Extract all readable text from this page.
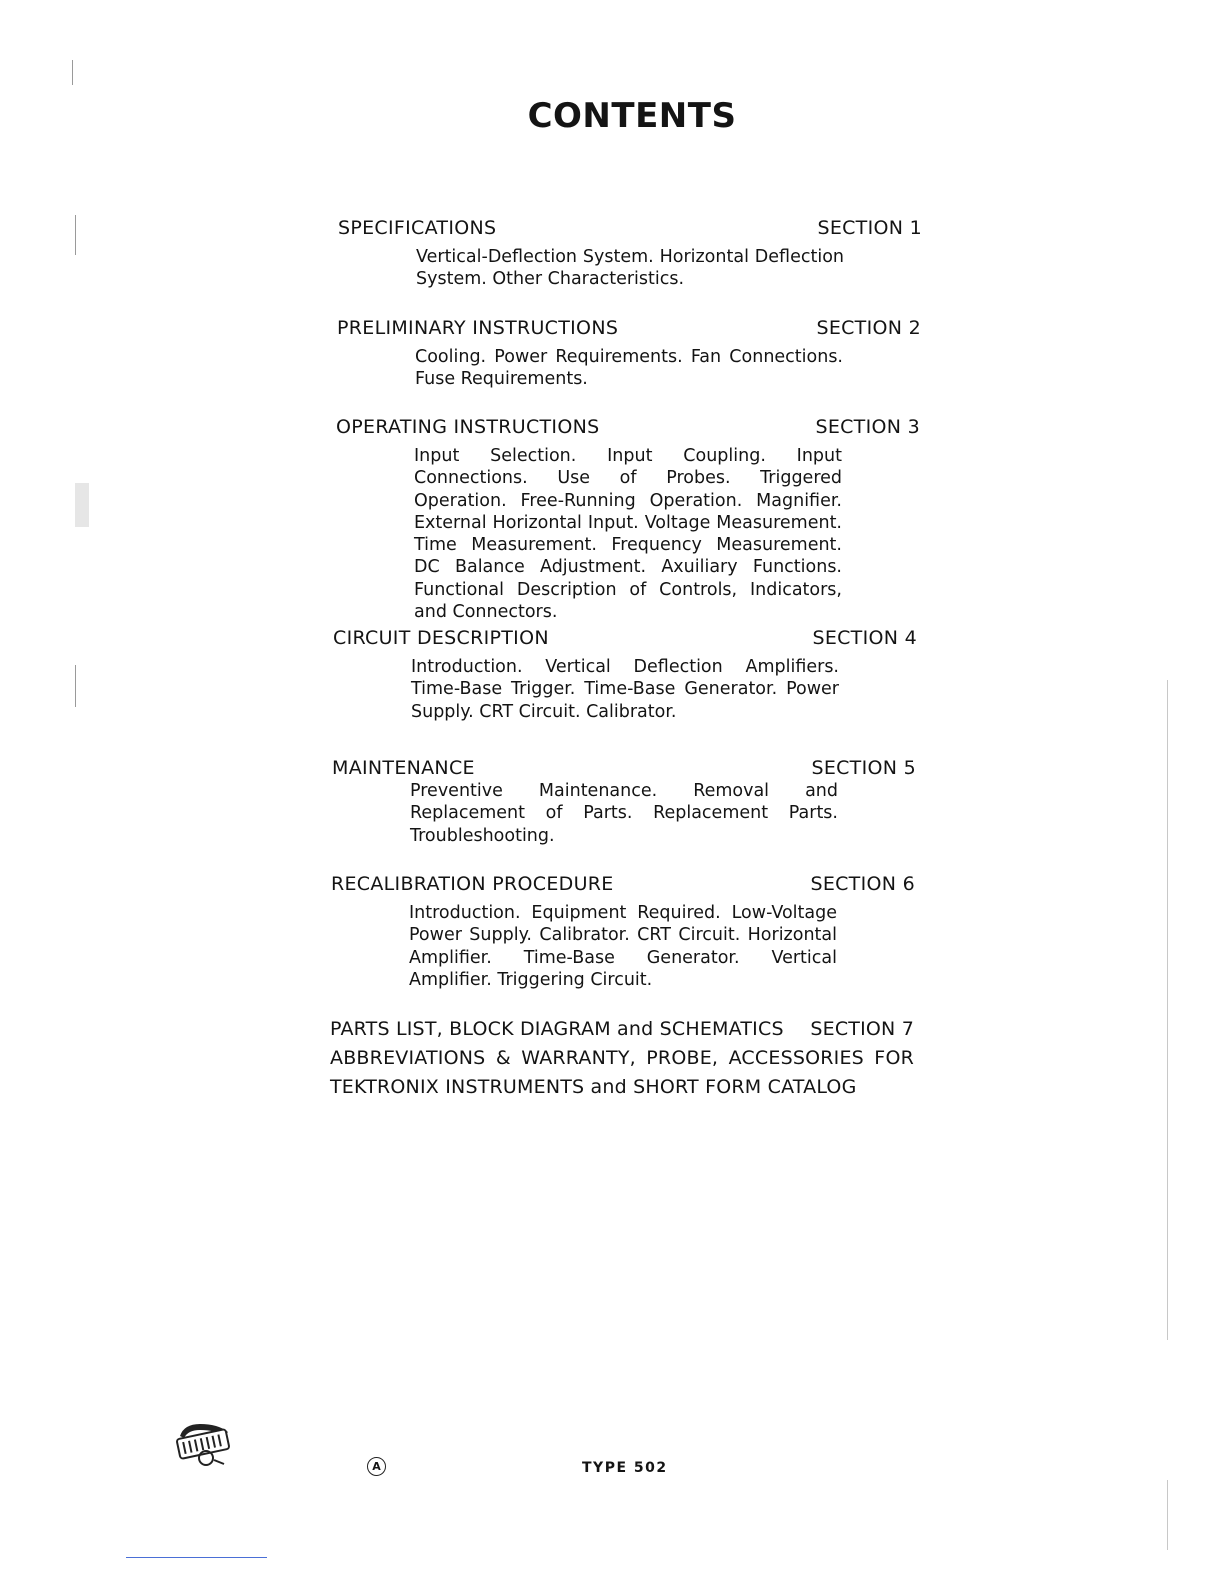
CONTENTS
SPECIFICATIONS	SECTION 1
Vertical-Deflection System. Horizontal Deflection System. Other Characteristics.
PRELIMINARY INSTRUCTIONS	SECTION 2
Cooling. Power Requirements. Fan Connections. Fuse Requirements.
OPERATING INSTRUCTIONS	SECTION 3
Input Selection. Input Coupling. Input Connections. Use of Probes. Triggered Operation. Free-Running Operation. Magnifier. External Horizontal Input. Voltage Measurement. Time Measurement. Frequency Measurement. DC Balance Adjustment. Axuiliary Functions. Functional Description of Controls, Indicators, and Connectors.
CIRCUIT DESCRIPTION	SECTION 4
Introduction. Vertical Deflection Amplifiers. Time-Base Trigger. Time-Base Generator. Power Supply. CRT Circuit. Calibrator.
MAINTENANCE	SECTION 5
Preventive Maintenance. Removal and Replacement of Parts. Replacement Parts. Troubleshooting.
RECALIBRATION PROCEDURE	SECTION 6
Introduction. Equipment Required. Low-Voltage Power Supply. Calibrator. CRT Circuit. Horizontal Amplifier. Time-Base Generator. Vertical Amplifier. Triggering Circuit.
PARTS LIST, BLOCK DIAGRAM and SCHEMATICS SECTION 7
ABBREVIATIONS & WARRANTY, PROBE, ACCESSORIES FOR
TEKTRONIX INSTRUMENTS and SHORT FORM CATALOG
A	TYPE 502
